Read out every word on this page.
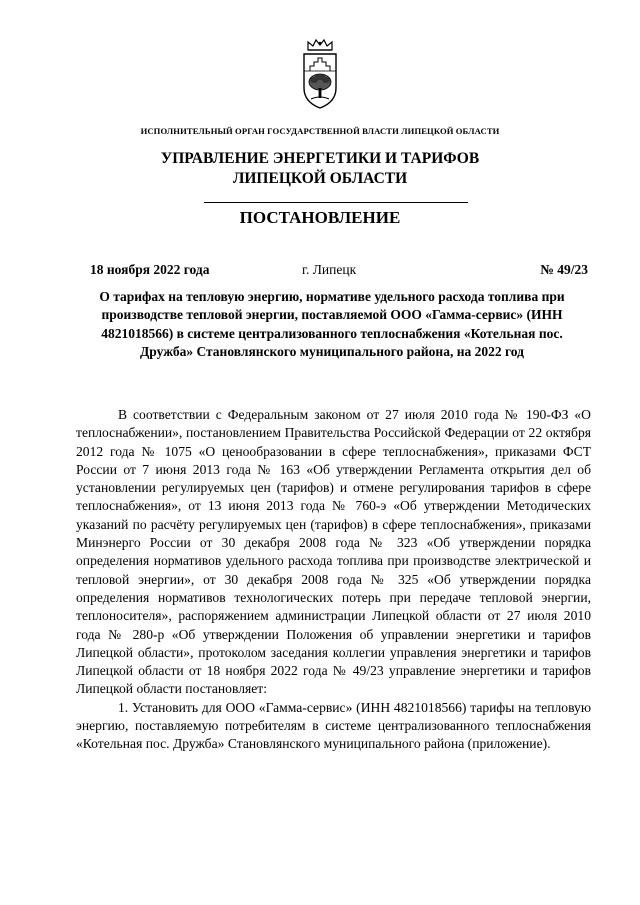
ИСПОЛНИТЕЛЬНЫЙ ОРГАН ГОСУДАРСТВЕННОЙ ВЛАСТИ ЛИПЕЦКОЙ ОБЛАСТИ
УПРАВЛЕНИЕ ЭНЕРГЕТИКИ И ТАРИФОВ
ЛИПЕЦКОЙ ОБЛАСТИ
ПОСТАНОВЛЕНИЕ
18 ноября 2022 года	г. Липецк	№ 49/23
О тарифах на тепловую энергию, нормативе удельного расхода топлива при производстве тепловой энергии, поставляемой ООО «Гамма-сервис» (ИНН 4821018566) в системе централизованного теплоснабжения «Котельная пос. Дружба» Становлянского муниципального района, на 2022 год

В соответствии с Федеральным законом от 27 июля 2010 года № 190-ФЗ «О теплоснабжении», постановлением Правительства Российской Федерации от 22 октября 2012 года № 1075 «О ценообразовании в сфере теплоснабжения», приказами ФСТ России от 7 июня 2013 года № 163 «Об утверждении Регламента открытия дел об установлении регулируемых цен (тарифов) и отмене регулирования тарифов в сфере теплоснабжения», от 13 июня 2013 года № 760-э «Об утверждении Методических указаний по расчёту регулируемых цен (тарифов) в сфере теплоснабжения», приказами Минэнерго России от 30 декабря 2008 года № 323 «Об утверждении порядка определения нормативов удельного расхода топлива при производстве электрической и тепловой энергии», от 30 декабря 2008 года № 325 «Об утверждении порядка определения нормативов технологических потерь при передаче тепловой энергии, теплоносителя», распоряжением администрации Липецкой области от 27 июля 2010 года № 280-р «Об утверждении Положения об управлении энергетики и тарифов Липецкой области», протоколом заседания коллегии управления энергетики и тарифов Липецкой области от 18 ноября 2022 года № 49/23 управление энергетики и тарифов Липецкой области постановляет:

1. Установить для ООО «Гамма-сервис» (ИНН 4821018566) тарифы на тепловую энергию, поставляемую потребителям в системе централизованного теплоснабжения «Котельная пос. Дружба» Становлянского муниципального района (приложение).
